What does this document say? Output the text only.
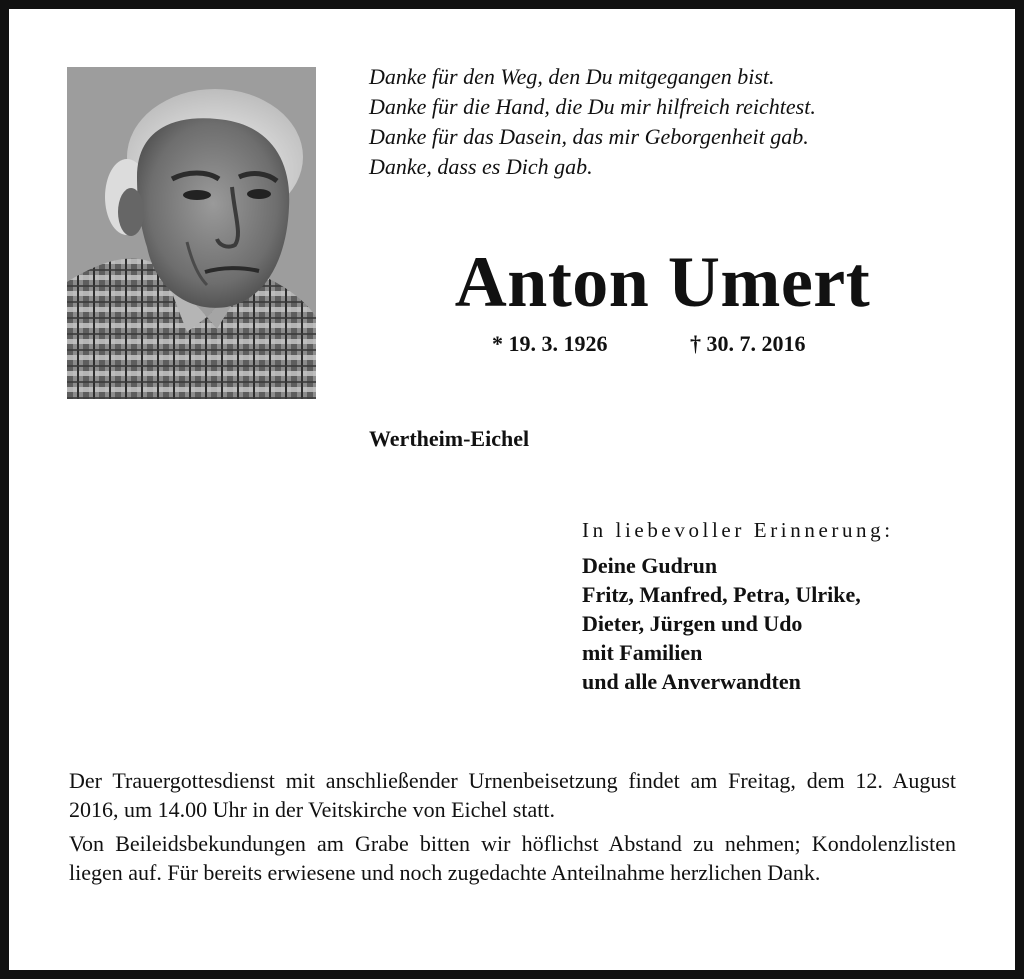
Danke für den Weg, den Du mitgegangen bist.
Danke für die Hand, die Du mir hilfreich reichtest.
Danke für das Dasein, das mir Geborgenheit gab.
Danke, dass es Dich gab.
Anton Umert
* 19. 3. 1926	† 30. 7. 2016
Wertheim-Eichel
In liebevoller Erinnerung:
Deine Gudrun
Fritz, Manfred, Petra, Ulrike,
Dieter, Jürgen und Udo
mit Familien
und alle Anverwandten

Der Trauergottesdienst mit anschließender Urnenbeisetzung findet am Freitag, dem 12. August 2016, um 14.00 Uhr in der Veitskirche von Eichel statt.

Von Beileidsbekundungen am Grabe bitten wir höflichst Abstand zu nehmen; Kondolenzlisten liegen auf. Für bereits erwiesene und noch zugedachte Anteilnahme herzlichen Dank.
